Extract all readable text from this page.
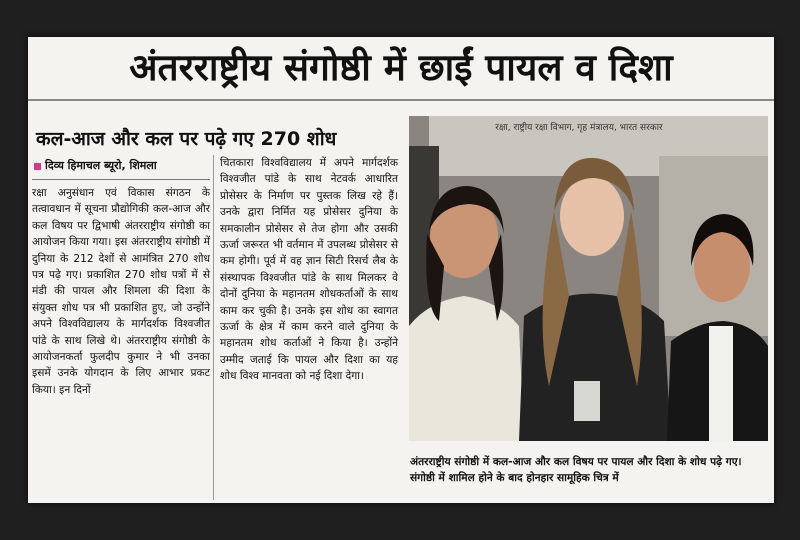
अंतरराष्ट्रीय संगोष्ठी में छाईं पायल व दिशा
कल-आज और कल पर पढ़े गए 270 शोध
दिव्य हिमाचल ब्यूरो, शिमला
रक्षा अनुसंधान एवं विकास संगठन के तत्वावधान में सूचना प्रौद्योगिकी कल-आज और कल विषय पर द्विभाषी अंतरराष्ट्रीय संगोष्ठी का आयोजन किया गया। इस अंतरराष्ट्रीय संगोष्ठी में दुनिया के 212 देशों से आमंत्रित 270 शोध पत्र पढ़े गए। प्रकाशित 270 शोध पत्रों में से मंडी की पायल और शिमला की दिशा के संयुक्त शोध पत्र भी प्रकाशित हुए, जो उन्होंने अपने विश्वविद्यालय के मार्गदर्शक विश्वजीत पांडे के साथ लिखे थे। अंतरराष्ट्रीय संगोष्ठी के आयोजनकर्ता फुलदीप कुमार ने भी उनका इसमें उनके योगदान के लिए आभार प्रकट किया। इन दिनों
चितकारा विश्वविद्यालय में अपने मार्गदर्शक विश्वजीत पांडे के साथ नेटवर्क आधारित प्रोसेसर के निर्माण पर पुस्तक लिख रहे हैं। उनके द्वारा निर्मित यह प्रोसेसर दुनिया के समकालीन प्रोसेसर से तेज होगा और उसकी ऊर्जा जरूरत भी वर्तमान में उपलब्ध प्रोसेसर से कम होगी। पूर्व में वह ज्ञान सिटी रिसर्च लैब के संस्थापक विश्वजीत पांडे के साथ मिलकर वे दोनों दुनिया के महानतम शोधकर्ताओं के साथ काम कर चुकी है। उनके इस शोध का स्वागत ऊर्जा के क्षेत्र में काम करने वाले दुनिया के महानतम शोध कर्ताओं ने किया है। उन्होंने उम्मीद जताई कि पायल और दिशा का यह शोध विश्व मानवता को नई दिशा देगा।
रक्षा, राष्ट्रीय रक्षा विभाग, गृह मंत्रालय, भारत सरकार
अंतरराष्ट्रीय संगोष्ठी में कल-आज और कल विषय पर पायल और दिशा के शोध पढ़े गए। संगोष्ठी में शामिल होने के बाद होनहार सामूहिक चित्र में
